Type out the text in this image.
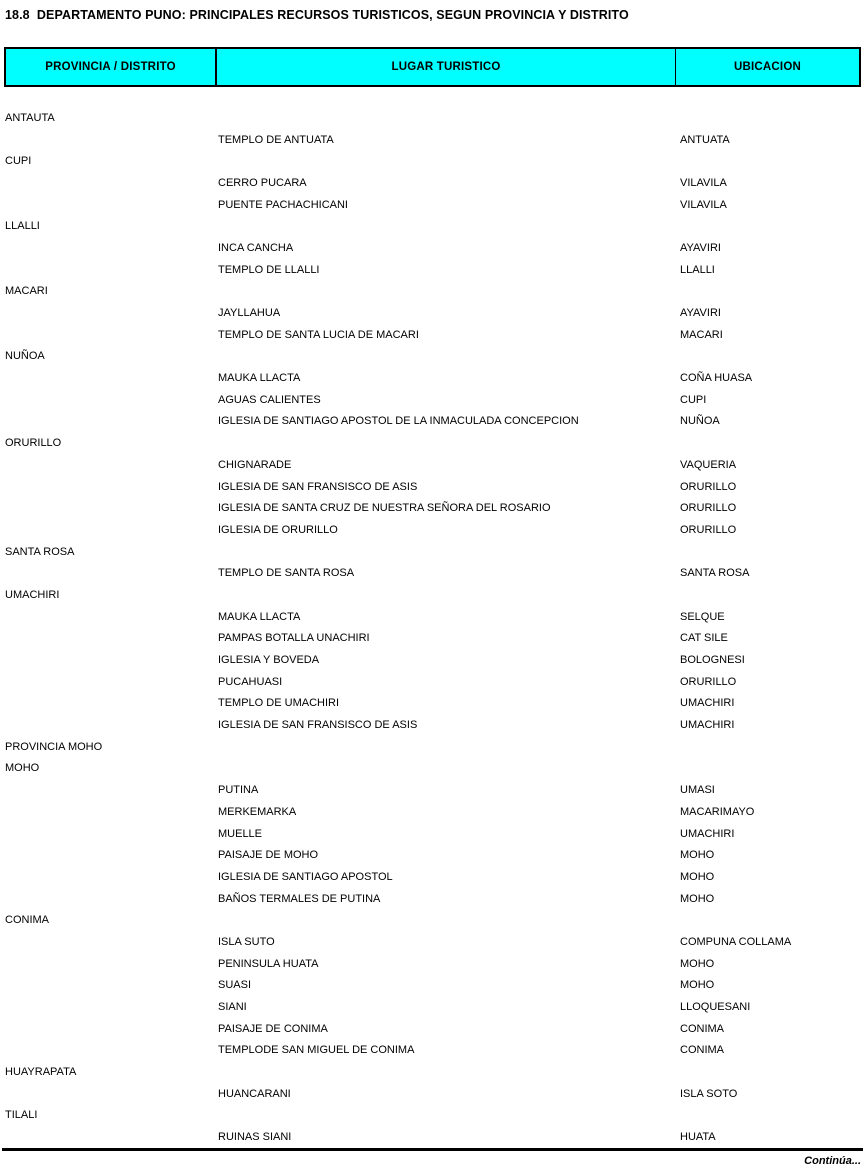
18.8  DEPARTAMENTO PUNO: PRINCIPALES RECURSOS TURISTICOS, SEGUN PROVINCIA Y DISTRITO
PROVINCIA / DISTRITO	LUGAR TURISTICO	UBICACION
ANTAUTA
TEMPLO DE ANTUATA	ANTUATA
CUPI
CERRO PUCARA	VILAVILA
PUENTE PACHACHICANI	VILAVILA
LLALLI
INCA CANCHA	AYAVIRI
TEMPLO DE LLALLI	LLALLI
MACARI
JAYLLAHUA	AYAVIRI
TEMPLO DE SANTA LUCIA DE MACARI	MACARI
NUÑOA
MAUKA LLACTA	COÑA HUASA
AGUAS CALIENTES	CUPI
IGLESIA DE SANTIAGO APOSTOL DE LA INMACULADA CONCEPCION	NUÑOA
ORURILLO
CHIGNARADE	VAQUERIA
IGLESIA DE SAN FRANSISCO DE ASIS	ORURILLO
IGLESIA DE SANTA CRUZ DE NUESTRA SEÑORA DEL ROSARIO	ORURILLO
IGLESIA DE ORURILLO	ORURILLO
SANTA ROSA
TEMPLO DE SANTA ROSA	SANTA ROSA
UMACHIRI
MAUKA LLACTA	SELQUE
PAMPAS BOTALLA UNACHIRI	CAT SILE
IGLESIA Y BOVEDA	BOLOGNESI
PUCAHUASI	ORURILLO
TEMPLO DE UMACHIRI	UMACHIRI
IGLESIA DE SAN FRANSISCO DE ASIS	UMACHIRI
PROVINCIA MOHO
MOHO
PUTINA	UMASI
MERKEMARKA	MACARIMAYO
MUELLE	UMACHIRI
PAISAJE DE MOHO	MOHO
IGLESIA DE SANTIAGO APOSTOL	MOHO
BAÑOS TERMALES DE PUTINA	MOHO
CONIMA
ISLA SUTO	COMPUNA COLLAMA
PENINSULA HUATA	MOHO
SUASI	MOHO
SIANI	LLOQUESANI
PAISAJE DE CONIMA	CONIMA
TEMPLODE SAN MIGUEL DE CONIMA	CONIMA
HUAYRAPATA
HUANCARANI	ISLA SOTO
TILALI
RUINAS SIANI	HUATA
Continúa...
